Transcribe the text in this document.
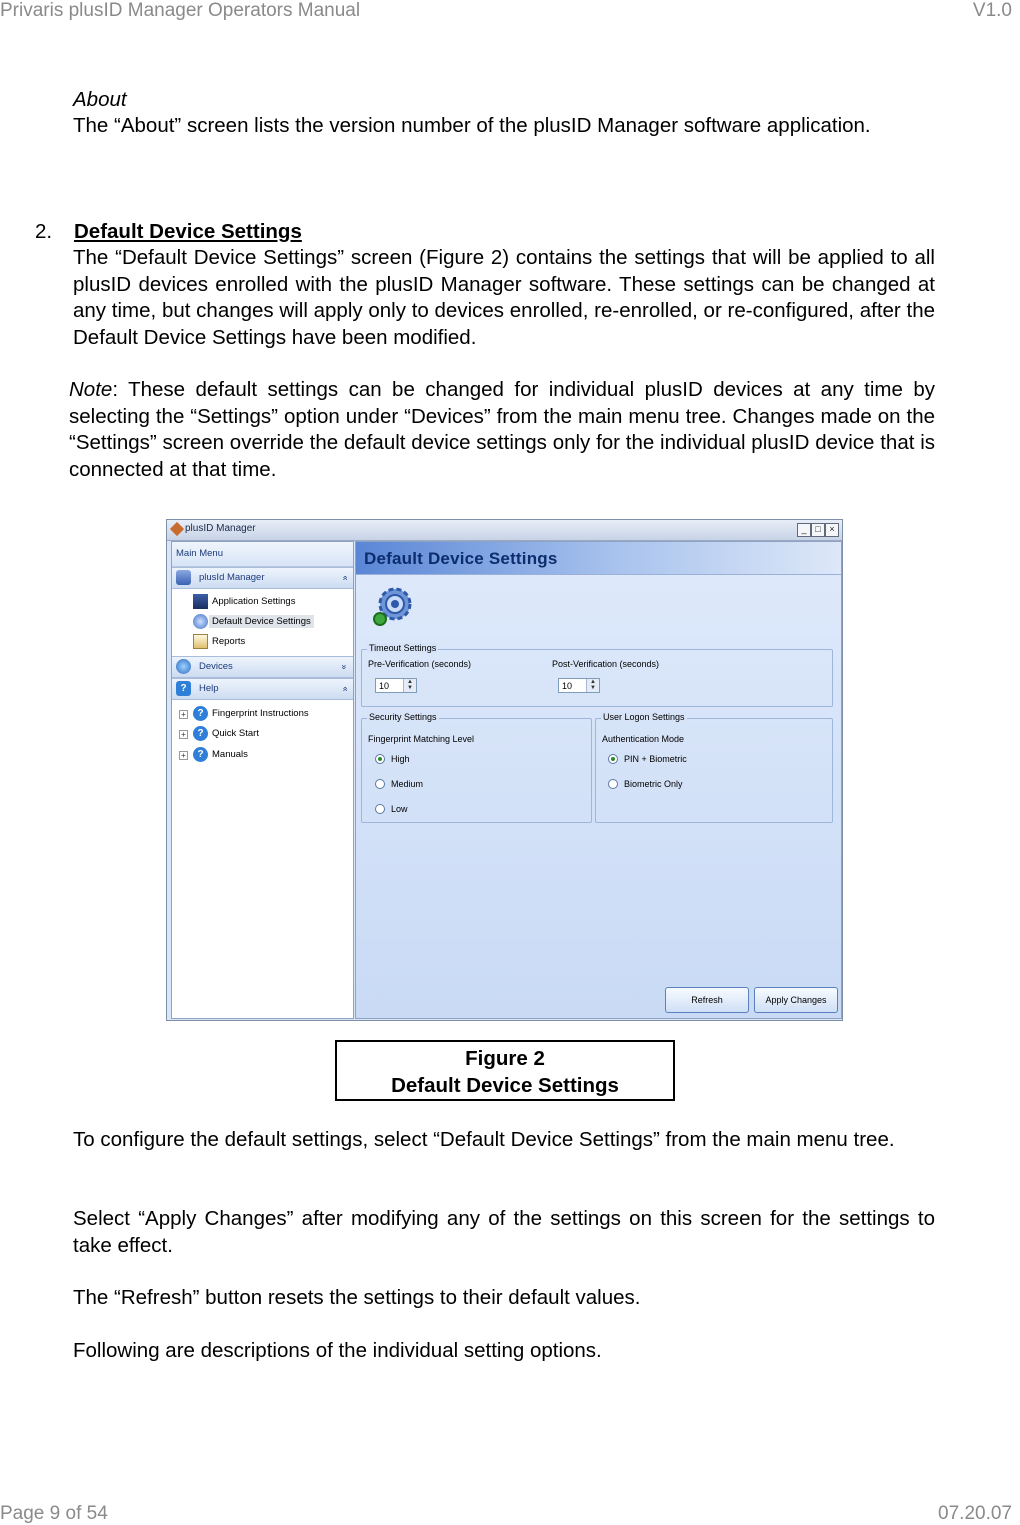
Privaris plusID Manager Operators Manual	V1.0
About
The “About” screen lists the version number of the plusID Manager software application.
2. Default Device Settings
The “Default Device Settings” screen (Figure 2) contains the settings that will be applied to all plusID devices enrolled with the plusID Manager software. These settings can be changed at any time, but changes will apply only to devices enrolled, re-enrolled, or re-configured, after the Default Device Settings have been modified.
Note: These default settings can be changed for individual plusID devices at any time by selecting the “Settings” option under “Devices” from the main menu tree. Changes made on the “Settings” screen override the default device settings only for the individual plusID device that is connected at that time.
plusID Manager	_ □ ×
Main Menu
plusId Manager	»
Application Settings
Default Device Settings
Reports
Devices	»
?	Help	»
+	? Fingerprint Instructions
+	? Quick Start
+	? Manuals
Default Device Settings
Timeout Settings
Pre-Verification (seconds)
10	▲
▼
Post-Verification (seconds)
10	▲
▼
Security Settings
Fingerprint Matching Level
High
Medium
Low
User Logon Settings
Authentication Mode
PIN + Biometric
Biometric Only
Refresh	Apply Changes
Figure 2
Default Device Settings
To configure the default settings, select “Default Device Settings” from the main menu tree.
Select “Apply Changes” after modifying any of the settings on this screen for the settings to take effect.
The “Refresh” button resets the settings to their default values.
Following are descriptions of the individual setting options.
Page 9 of 54	07.20.07
